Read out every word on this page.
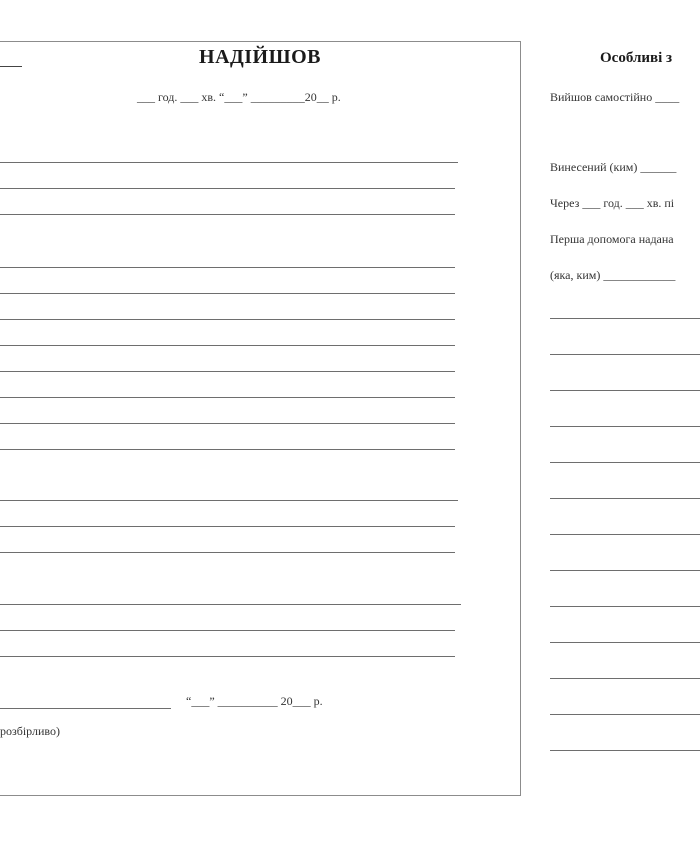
НАДІЙШОВ
___ год. ___ хв. “___” _________20__ р.
“___” __________ 20___ р.
розбірливо)
Особливі з
Вийшов самостійно ____
Винесений (ким) ______
Через ___ год. ___ хв. пі
Перша допомога надана
(яка, ким) ____________
